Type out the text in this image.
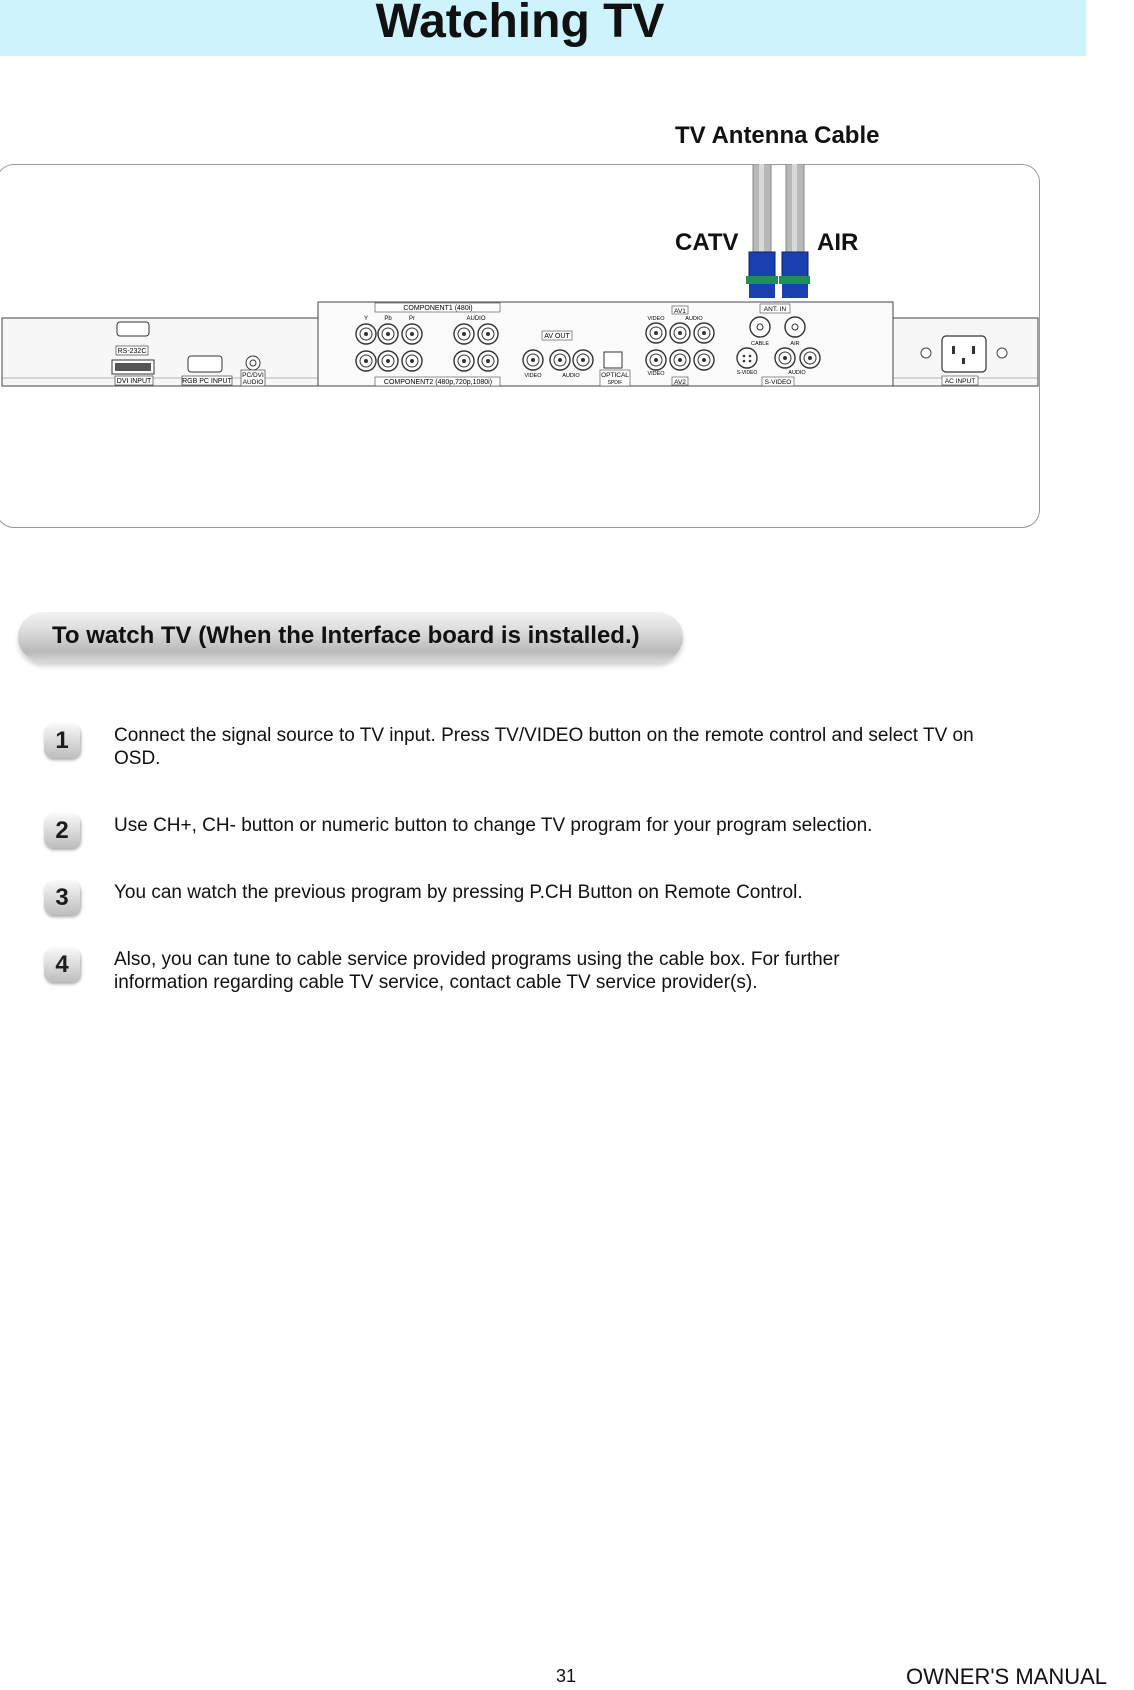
Watching TV
TV Antenna Cable
CATV	AIR
RS-232C
DVI INPUT	RGB PC INPUT
PC/DVI
AUDIO
COMPONENT1 (480i)
Y	Pb	Pr	AUDIO
COMPONENT2 (480p,720p,1080i)
AV OUT
VIDEO	AUDIO	OPTICAL
SPDIF
AV1
VIDEO	AUDIO
VIDEO
AV2
ANT. IN
CABLE	AIR
S-VIDEO	AUDIO
S-VIDEO	AC INPUT
To watch TV (When the Interface board is installed.)
1	Connect the signal source to TV input. Press TV/VIDEO button on the remote control and select TV on OSD.
2	Use CH+, CH- button or numeric button to change TV program for your program selection.
3	You can watch the previous program by pressing P.CH Button on Remote Control.
4	Also, you can tune to cable service provided programs using the cable box. For further information regarding cable TV service, contact cable TV service provider(s).
31	OWNER'S MANUAL
